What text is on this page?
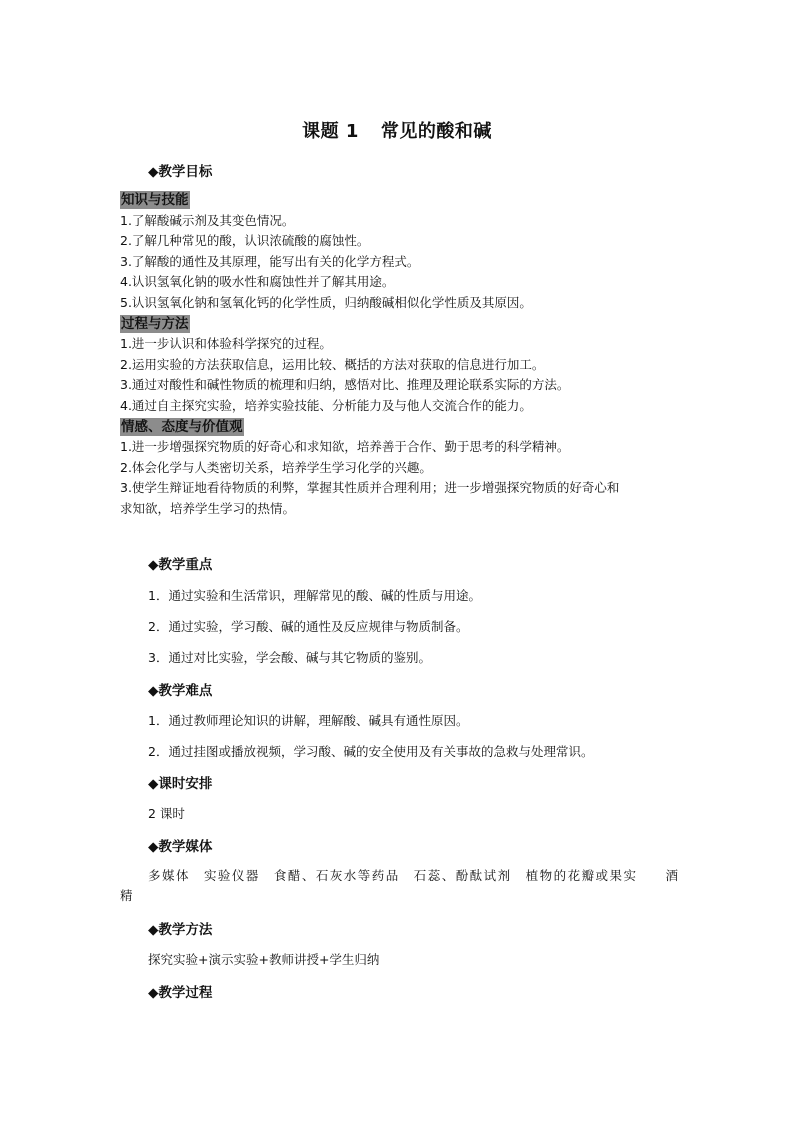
课题 1 常见的酸和碱
◆教学目标

知识与技能

1.了解酸碱示剂及其变色情况。

2.了解几种常见的酸，认识浓硫酸的腐蚀性。

3.了解酸的通性及其原理，能写出有关的化学方程式。

4.认识氢氧化钠的吸水性和腐蚀性并了解其用途。

5.认识氢氧化钠和氢氧化钙的化学性质，归纳酸碱相似化学性质及其原因。

过程与方法

1.进一步认识和体验科学探究的过程。

2.运用实验的方法获取信息，运用比较、概括的方法对获取的信息进行加工。

3.通过对酸性和碱性物质的梳理和归纳，感悟对比、推理及理论联系实际的方法。

4.通过自主探究实验，培养实验技能、分析能力及与他人交流合作的能力。

情感、态度与价值观

1.进一步增强探究物质的好奇心和求知欲，培养善于合作、勤于思考的科学精神。

2.体会化学与人类密切关系，培养学生学习化学的兴趣。

3.使学生辩证地看待物质的利弊，掌握其性质并合理利用；进一步增强探究物质的好奇心和

求知欲，培养学生学习的热情。

◆教学重点
1．通过实验和生活常识，理解常见的酸、碱的性质与用途。
2．通过实验，学习酸、碱的通性及反应规律与物质制备。
3．通过对比实验，学会酸、碱与其它物质的鉴别。
◆教学难点
1．通过教师理论知识的讲解，理解酸、碱具有通性原因。
2．通过挂图或播放视频，学习酸、碱的安全使用及有关事故的急救与处理常识。
◆课时安排
2 课时
◆教学媒体
多媒体　实验仪器　食醋、石灰水等药品　石蕊、酚酞试剂　植物的花瓣或果实　　酒
精
◆教学方法
探究实验+演示实验+教师讲授+学生归纳
◆教学过程
